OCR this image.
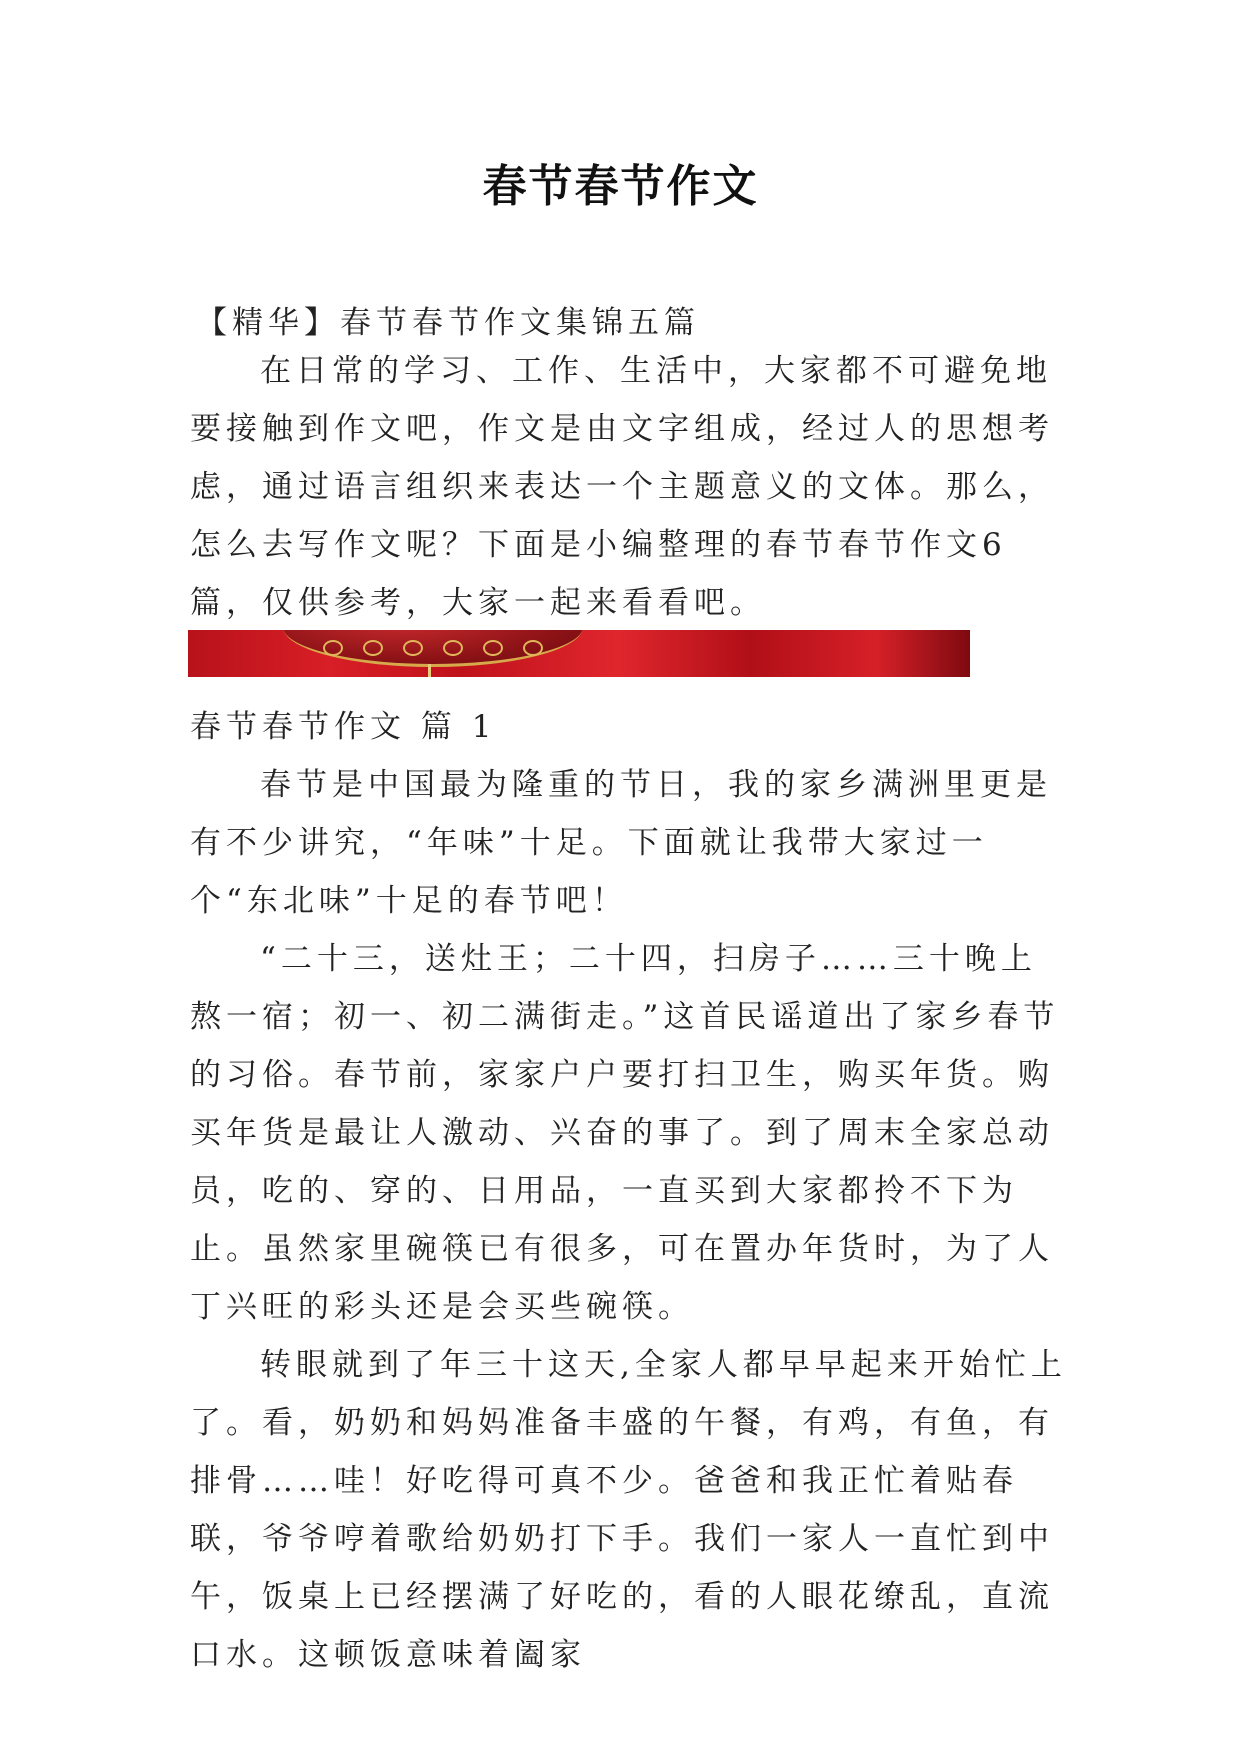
春节春节作文

【精华】春节春节作文集锦五篇

在日常的学习、工作、生活中，大家都不可避免地要接触到作文吧，作文是由文字组成，经过人的思想考虑，通过语言组织来表达一个主题意义的文体。那么，怎么去写作文呢？下面是小编整理的春节春节作文6篇，仅供参考，大家一起来看看吧。

春节春节作文 篇 1

春节是中国最为隆重的节日，我的家乡满洲里更是有不少讲究，“年味”十足。下面就让我带大家过一个“东北味”十足的春节吧！

“二十三，送灶王；二十四，扫房子……三十晚上熬一宿；初一、初二满街走。”这首民谣道出了家乡春节的习俗。春节前，家家户户要打扫卫生，购买年货。购买年货是最让人激动、兴奋的事了。到了周末全家总动员，吃的、穿的、日用品，一直买到大家都拎不下为止。虽然家里碗筷已有很多，可在置办年货时，为了人丁兴旺的彩头还是会买些碗筷。

转眼就到了年三十这天,全家人都早早起来开始忙上了。看，奶奶和妈妈准备丰盛的午餐，有鸡，有鱼，有排骨……哇！好吃得可真不少。爸爸和我正忙着贴春联，爷爷哼着歌给奶奶打下手。我们一家人一直忙到中午，饭桌上已经摆满了好吃的，看的人眼花缭乱，直流口水。这顿饭意味着阖家
